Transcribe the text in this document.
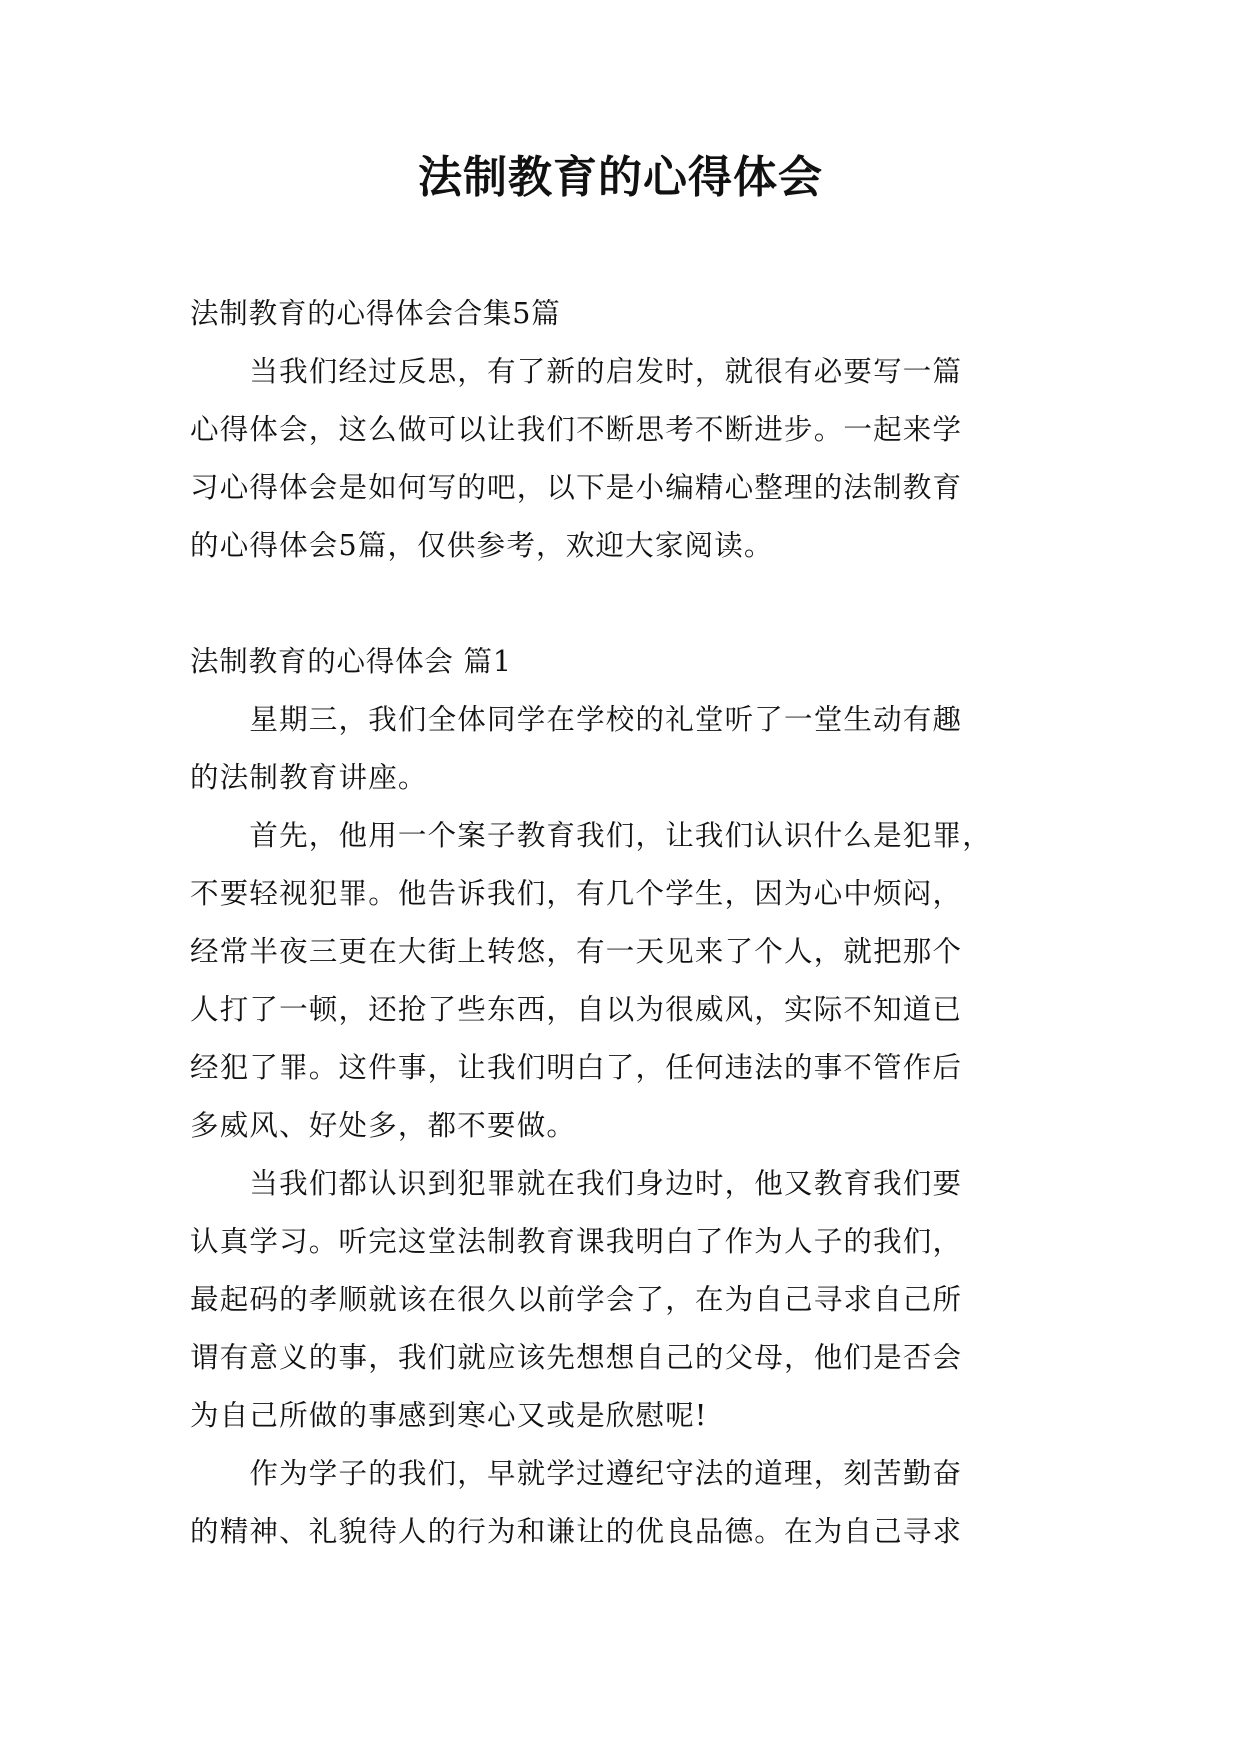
法制教育的心得体会
法制教育的心得体会合集5篇
　　当我们经过反思，有了新的启发时，就很有必要写一篇
心得体会，这么做可以让我们不断思考不断进步。一起来学
习心得体会是如何写的吧，以下是小编精心整理的法制教育
的心得体会5篇，仅供参考，欢迎大家阅读。
法制教育的心得体会 篇1
　　星期三，我们全体同学在学校的礼堂听了一堂生动有趣
的法制教育讲座。
　　首先，他用一个案子教育我们，让我们认识什么是犯罪，
不要轻视犯罪。他告诉我们，有几个学生，因为心中烦闷，
经常半夜三更在大街上转悠，有一天见来了个人，就把那个
人打了一顿，还抢了些东西，自以为很威风，实际不知道已
经犯了罪。这件事，让我们明白了，任何违法的事不管作后
多威风、好处多，都不要做。
　　当我们都认识到犯罪就在我们身边时，他又教育我们要
认真学习。听完这堂法制教育课我明白了作为人子的我们，
最起码的孝顺就该在很久以前学会了，在为自己寻求自己所
谓有意义的事，我们就应该先想想自己的父母，他们是否会
为自己所做的事感到寒心又或是欣慰呢!
　　作为学子的我们，早就学过遵纪守法的道理，刻苦勤奋
的精神、礼貌待人的行为和谦让的优良品德。在为自己寻求
